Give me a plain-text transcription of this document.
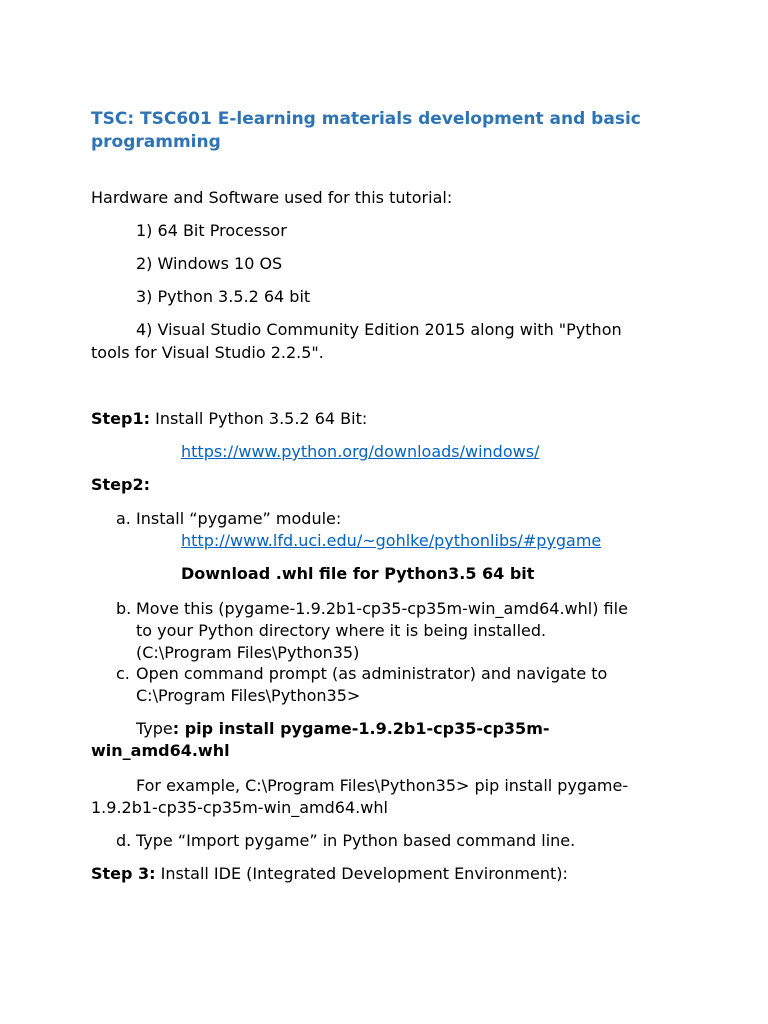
TSC: TSC601 E-learning materials development and basic
programming
Hardware and Software used for this tutorial:
1) 64 Bit Processor
2) Windows 10 OS
3) Python 3.5.2 64 bit
4) Visual Studio Community Edition 2015 along with "Python
tools for Visual Studio 2.2.5".
Step1: Install Python 3.5.2 64 Bit:
https://www.python.org/downloads/windows/
Step2:
a. Install “pygame” module:
http://www.lfd.uci.edu/~gohlke/pythonlibs/#pygame
Download .whl file for Python3.5 64 bit
b. Move this (pygame-1.9.2b1-cp35-cp35m-win_amd64.whl) file
to your Python directory where it is being installed.
(C:\Program Files\Python35)
c. Open command prompt (as administrator) and navigate to
C:\Program Files\Python35>
Type: pip install pygame-1.9.2b1-cp35-cp35m-
win_amd64.whl
For example, C:\Program Files\Python35> pip install pygame-
1.9.2b1-cp35-cp35m-win_amd64.whl
d. Type “Import pygame” in Python based command line.
Step 3: Install IDE (Integrated Development Environment):
